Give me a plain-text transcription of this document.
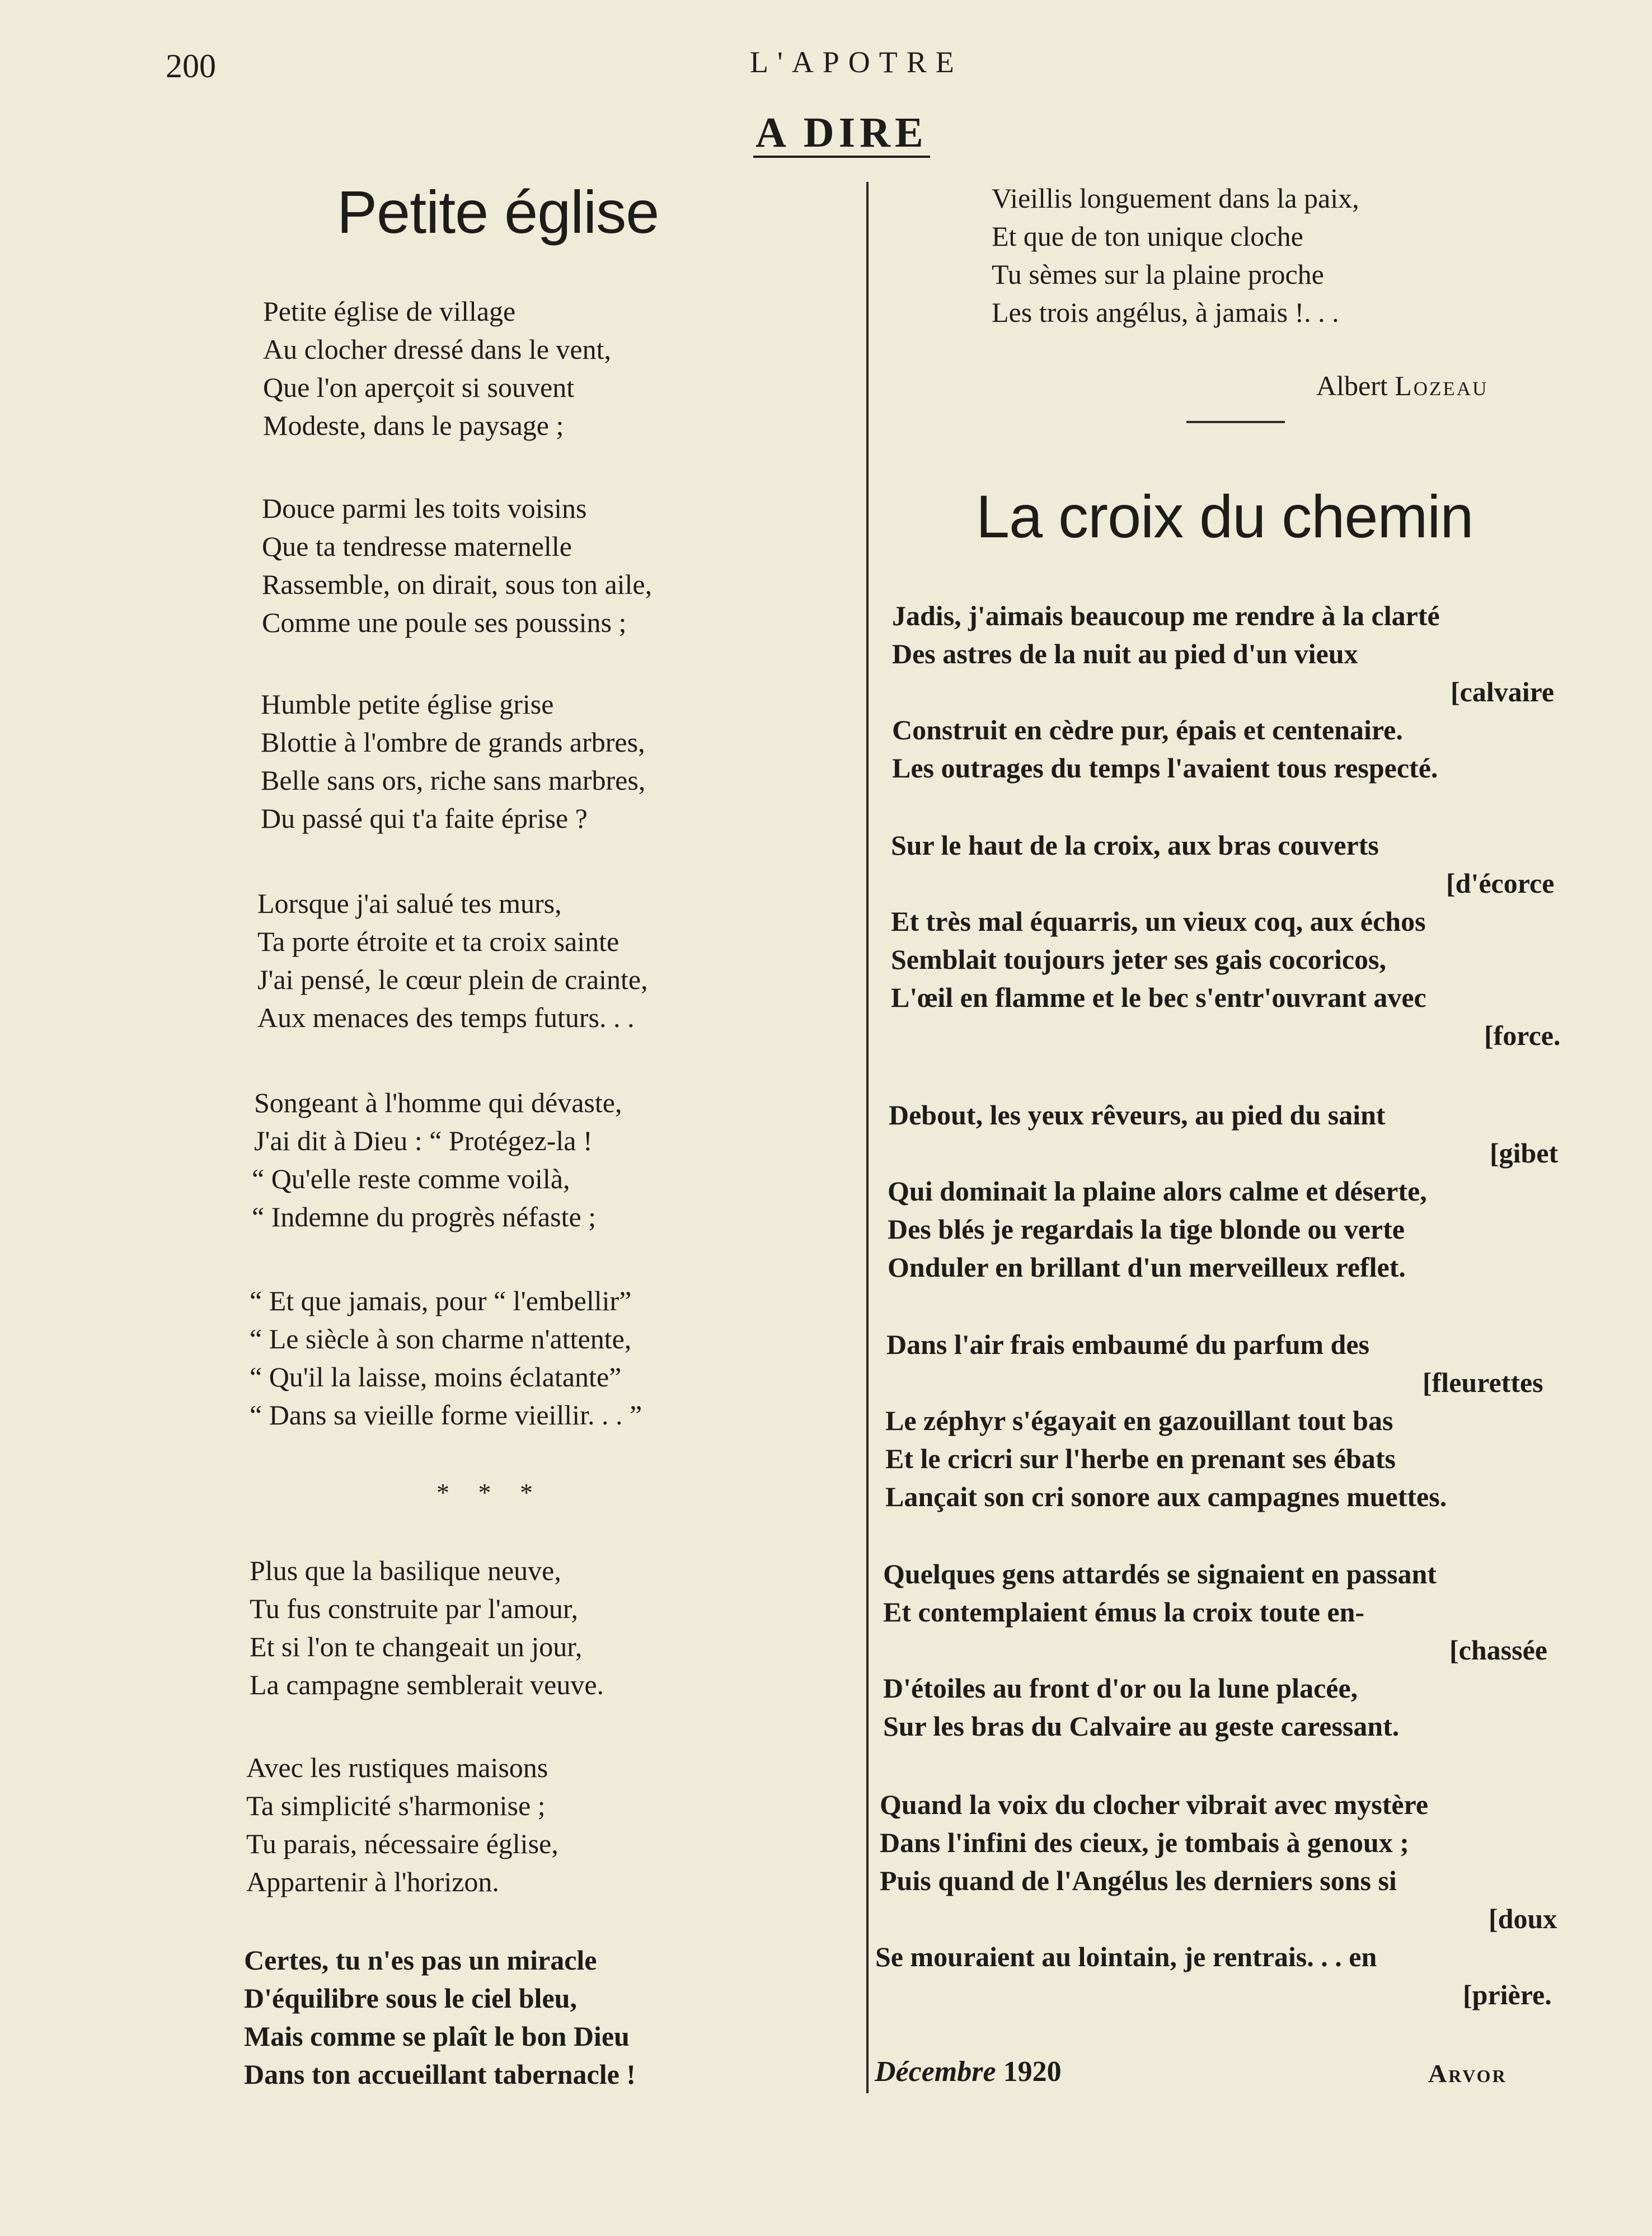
200	L'APOTRE
A DIRE
Petite église
Petite église de village
Au clocher dressé dans le vent,
Que l'on aperçoit si souvent
Modeste, dans le paysage ;
Douce parmi les toits voisins
Que ta tendresse maternelle
Rassemble, on dirait, sous ton aile,
Comme une poule ses poussins ;
Humble petite église grise
Blottie à l'ombre de grands arbres,
Belle sans ors, riche sans marbres,
Du passé qui t'a faite éprise ?
Lorsque j'ai salué tes murs,
Ta porte étroite et ta croix sainte
J'ai pensé, le cœur plein de crainte,
Aux menaces des temps futurs. . .
Songeant à l'homme qui dévaste,
J'ai dit à Dieu : “ Protégez-la !
“ Qu'elle reste comme voilà,
“ Indemne du progrès néfaste ;
“ Et que jamais, pour “ l'embellir”
“ Le siècle à son charme n'attente,
“ Qu'il la laisse, moins éclatante”
“ Dans sa vieille forme vieillir. . . ”
* * *
Plus que la basilique neuve,
Tu fus construite par l'amour,
Et si l'on te changeait un jour,
La campagne semblerait veuve.
Avec les rustiques maisons
Ta simplicité s'harmonise ;
Tu parais, nécessaire église,
Appartenir à l'horizon.
Certes, tu n'es pas un miracle
D'équilibre sous le ciel bleu,
Mais comme se plaît le bon Dieu
Dans ton accueillant tabernacle !
Vieillis longuement dans la paix,
Et que de ton unique cloche
Tu sèmes sur la plaine proche
Les trois angélus, à jamais !. . .
Albert Lozeau
La croix du chemin
Jadis, j'aimais beaucoup me rendre à la clarté
Des astres de la nuit au pied d'un vieux
[calvaire
Construit en cèdre pur, épais et centenaire.
Les outrages du temps l'avaient tous respecté.
Sur le haut de la croix, aux bras couverts
[d'écorce
Et très mal équarris, un vieux coq, aux échos
Semblait toujours jeter ses gais cocoricos,
L'œil en flamme et le bec s'entr'ouvrant avec
[force.
Debout, les yeux rêveurs, au pied du saint
[gibet
Qui dominait la plaine alors calme et déserte,
Des blés je regardais la tige blonde ou verte
Onduler en brillant d'un merveilleux reflet.
Dans l'air frais embaumé du parfum des
[fleurettes
Le zéphyr s'égayait en gazouillant tout bas
Et le cricri sur l'herbe en prenant ses ébats
Lançait son cri sonore aux campagnes muettes.
Quelques gens attardés se signaient en passant
Et contemplaient émus la croix toute en-
[chassée
D'étoiles au front d'or ou la lune placée,
Sur les bras du Calvaire au geste caressant.
Quand la voix du clocher vibrait avec mystère
Dans l'infini des cieux, je tombais à genoux ;
Puis quand de l'Angélus les derniers sons si
[doux
Se mouraient au lointain, je rentrais. . . en
[prière.
Décembre 1920	Arvor
